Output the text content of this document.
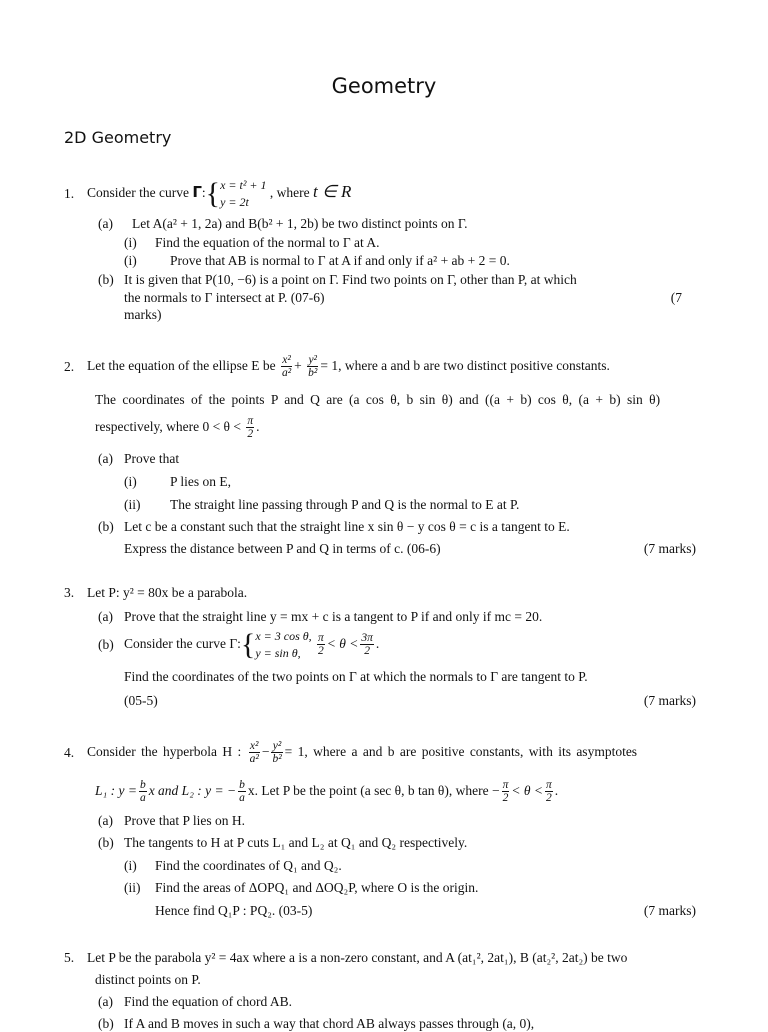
Geometry
2D Geometry
1. Consider the curve Γ:{ x = t² + 1
y = 2t
, where t ∈ R
(a) Let A(a² + 1, 2a) and B(b² + 1, 2b) be two distinct points on Γ.
(i) Find the equation of the normal to Γ at A.
(i) Prove that AB is normal to Γ at A if and only if a² + ab + 2 = 0.
(b) It is given that P(10, −6) is a point on Γ. Find two points on Γ, other than P, at which
the normals to Γ intersect at P. (07-6)	(7
marks)
2. Let the equation of the ellipse E be $\frac{\text{x²}}{\text{a²}} + \frac{\text{y²}}{\text{b²}} = 1$, where a and b are two distinct positive constants.
The coordinates of the points P and Q are (a cos θ, b sin θ) and ((a + b) cos θ, (a + b) sin θ)
respectively, where $0 < \theta < \frac{\pi}{2}$ .
(a) Prove that
(i) P lies on E,
(ii) The straight line passing through P and Q is the normal to E at P.
(b) Let c be a constant such that the straight line x sin θ − y cos θ = c is a tangent to E.
Express the distance between P and Q in terms of c. (06-6)	(7 marks)
3. Let P: y² = 80x be a parabola.
(a) Prove that the straight line y = mx + c is a tangent to P if and only if mc = 20.
(b) Consider the curve Γ:{ x = 3 cos θ,
y = sin θ,
	$\frac{\pi}{2} < \theta < \frac{3\pi}{2}$ .
Find the coordinates of the two points on Γ at which the normals to Γ are tangent to P.
(05-5)	(7 marks)
4. Consider the hyperbola H : $\frac{\text{x²}}{\text{a²}} - \frac{\text{y²}}{\text{b²}} = 1$, where a and b are positive constants, with its asymptotes
L₁ : $y = \frac{b}{a}$ x and L₂ : y = − $\frac{b}{a} x$. Let P be the point (a sec θ, b tan θ), where − $\frac{\pi}{2} < \theta < \frac{\pi}{2}$ .
(a) Prove that P lies on H.
(b) The tangents to H at P cuts L₁ and L₂ at Q₁ and Q₂ respectively.
(i) Find the coordinates of Q₁ and Q₂.
(ii) Find the areas of ΔOPQ₁ and ΔOQ₂P, where O is the origin.
Hence find Q₁P : PQ₂. (03-5)	(7 marks)
5. Let P be the parabola y² = 4ax where a is a non-zero constant, and A (at₁², 2at₁), B (at₂², 2at₂) be two
distinct points on P.
(a) Find the equation of chord AB.
(b) If A and B moves in such a way that chord AB always passes through (a, 0),
